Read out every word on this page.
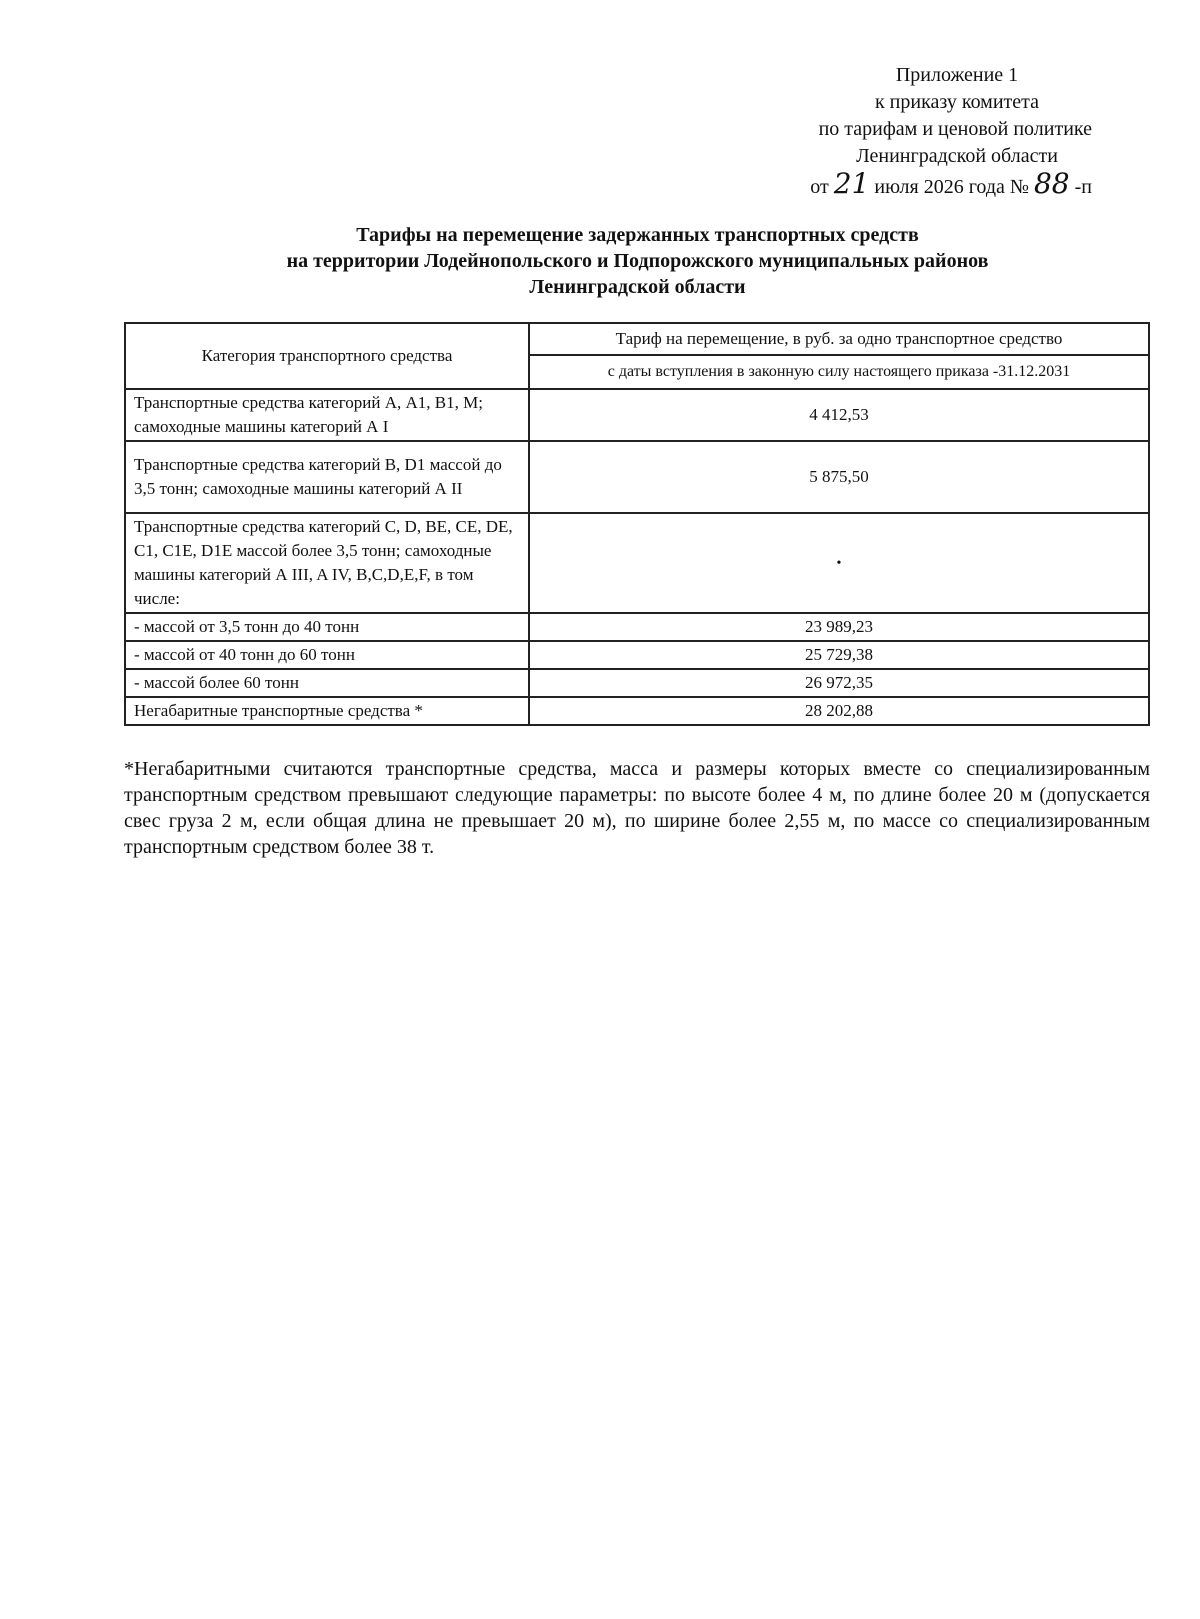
Приложение 1
к приказу комитета
по тарифам и ценовой политике
Ленинградской области
от 21 июля 2026 года № 88 -п
Тарифы на перемещение задержанных транспортных средств
на территории Лодейнопольского и Подпорожского муниципальных районов
Ленинградской области
Категория транспортного средства	Тариф на перемещение, в руб. за одно транспортное средство
	с даты вступления в законную силу настоящего приказа -31.12.2031
Транспортные средства категорий А, А1, В1, М; самоходные машины категорий А I	4 412,53
Транспортные средства категорий В, D1 массой до 3,5 тонн; самоходные машины категорий А II	5 875,50
Транспортные средства категорий С, D, ВЕ, СЕ, DE, С1, С1Е, D1E массой более 3,5 тонн; самоходные машины категорий А III, A IV, B,C,D,E,F, в том числе:	•
- массой от 3,5 тонн до 40 тонн	23 989,23
- массой от 40 тонн до 60 тонн	25 729,38
- массой более 60 тонн	26 972,35
Негабаритные транспортные средства *	28 202,88
*Негабаритными считаются транспортные средства, масса и размеры которых вместе со специализированным транспортным средством превышают следующие параметры: по высоте более 4 м, по длине более 20 м (допускается свес груза 2 м, если общая длина не превышает 20 м), по ширине более 2,55 м, по массе со специализированным транспортным средством более 38 т.
